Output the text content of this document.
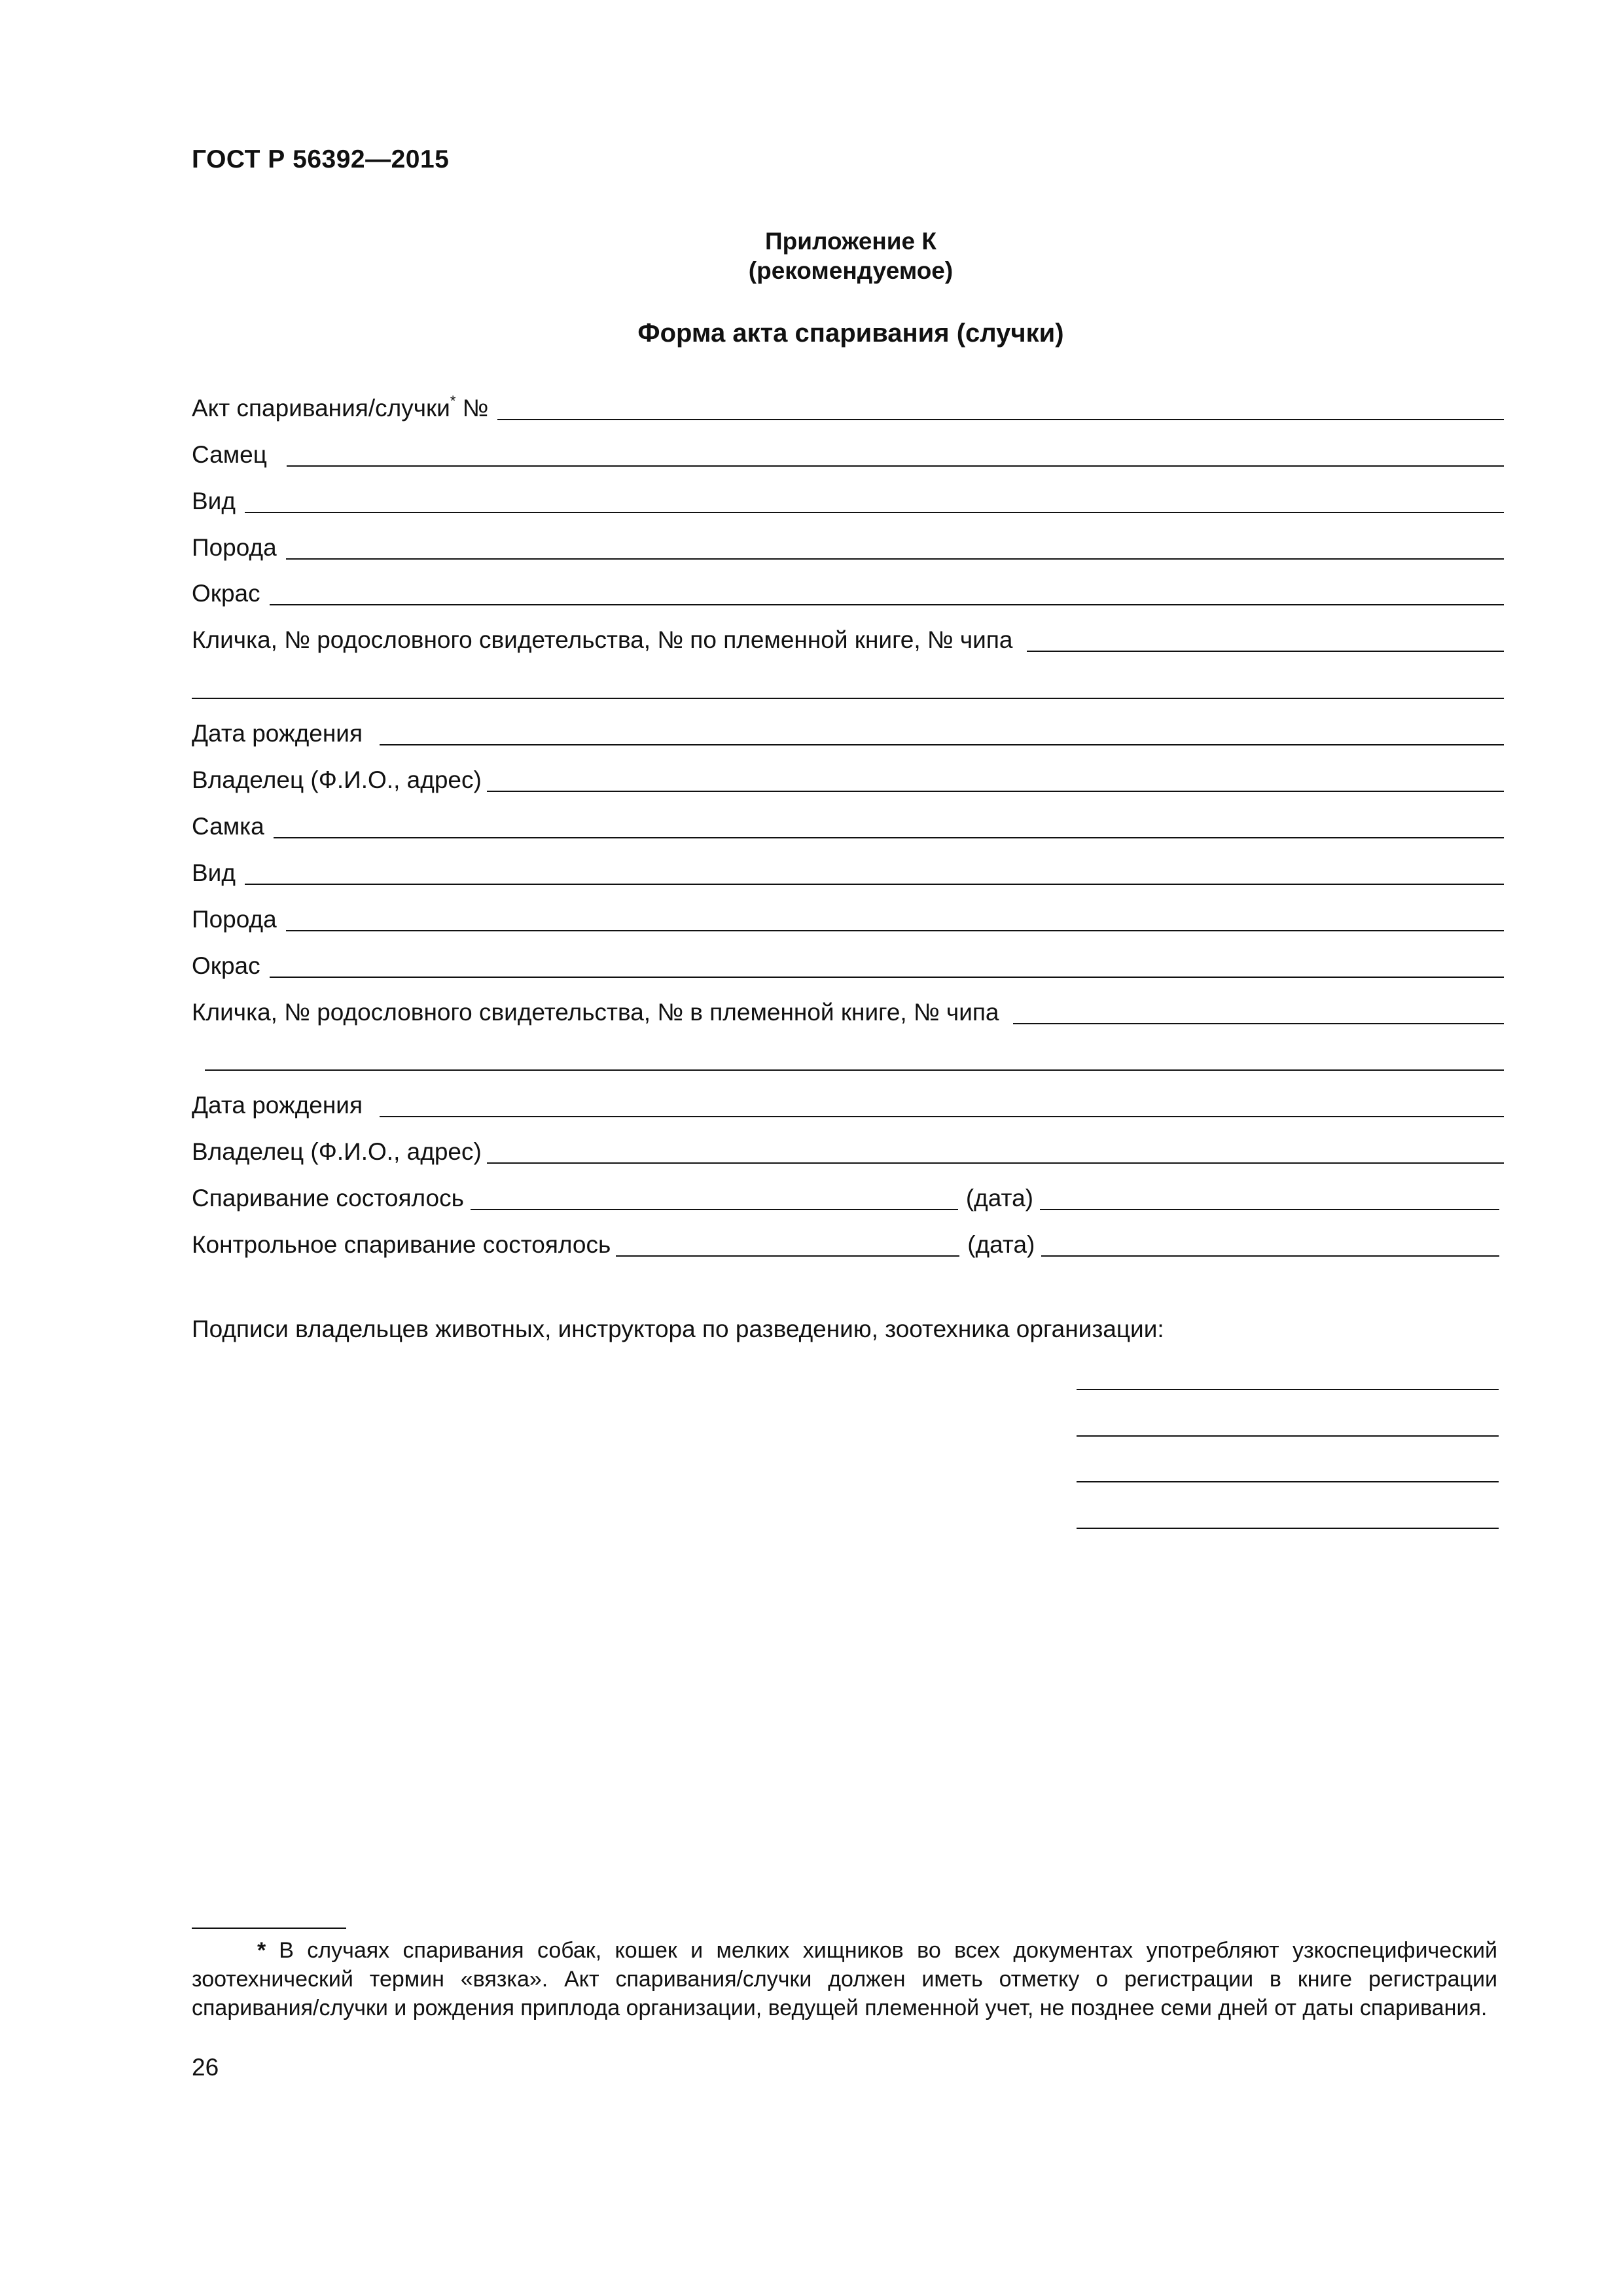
ГОСТ Р 56392—2015
Приложение К
(рекомендуемое)
Форма акта спаривания (случки)
Акт спаривания/случки* №
Самец
Вид
Порода
Окрас
Кличка, № родословного свидетельства, № по племенной книге, № чипа
Дата рождения
Владелец (Ф.И.О., адрес)
Самка
Вид
Порода
Окрас
Кличка, № родословного свидетельства, № в племенной книге, № чипа
Дата рождения
Владелец (Ф.И.О., адрес)
Спаривание состоялось	(дата)
Контрольное спаривание состоялось	(дата)
Подписи владельцев животных, инструктора по разведению, зоотехника организации:
* В случаях спаривания собак, кошек и мелких хищников во всех документах употребляют узкоспецифический зоотехнический термин «вязка». Акт спаривания/случки должен иметь отметку о регистрации в книге регистрации спаривания/случки и рождения приплода организации, ведущей племенной учет, не позднее семи дней от даты спаривания.
26
